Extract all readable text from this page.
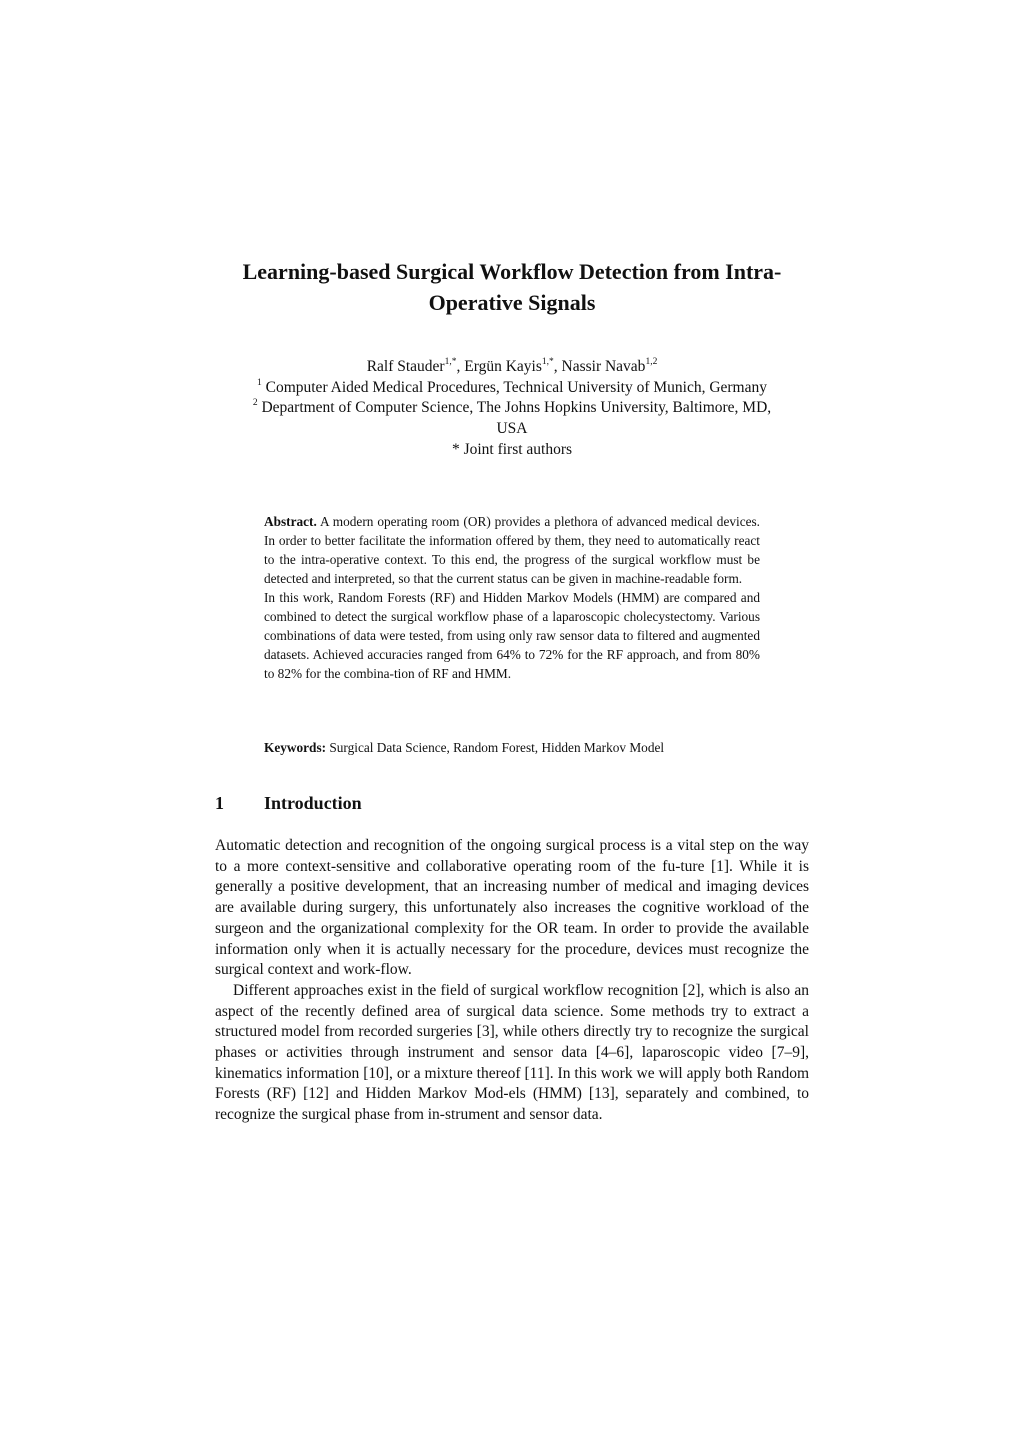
Learning-based Surgical Workflow Detection from Intra-
Operative Signals
Ralf Stauder$^{1,*}$, Ergün Kayis$^{1,*}$, Nassir Navab$^{1,2}$
$^1$ Computer Aided Medical Procedures, Technical University of Munich, Germany
$^2$ Department of Computer Science, The Johns Hopkins University, Baltimore, MD,
USA
* Joint first authors

Abstract. A modern operating room (OR) provides a plethora of advanced medical devices. In order to better facilitate the information offered by them, they need to automatically react to the intra-operative context. To this end, the progress of the surgical workflow must be detected and interpreted, so that the current status can be given in machine-readable form.

In this work, Random Forests (RF) and Hidden Markov Models (HMM) are compared and combined to detect the surgical workflow phase of a laparoscopic cholecystectomy. Various combinations of data were tested, from using only raw sensor data to filtered and augmented datasets. Achieved accuracies ranged from 64% to 72% for the RF approach, and from 80% to 82% for the combina-tion of RF and HMM.

Keywords: Surgical Data Science, Random Forest, Hidden Markov Model
1 Introduction

Automatic detection and recognition of the ongoing surgical process is a vital step on the way to a more context-sensitive and collaborative operating room of the fu-ture [1]. While it is generally a positive development, that an increasing number of medical and imaging devices are available during surgery, this unfortunately also increases the cognitive workload of the surgeon and the organizational complexity for the OR team. In order to provide the available information only when it is actually necessary for the procedure, devices must recognize the surgical context and work-flow.

Different approaches exist in the field of surgical workflow recognition [2], which is also an aspect of the recently defined area of surgical data science. Some methods try to extract a structured model from recorded surgeries [3], while others directly try to recognize the surgical phases or activities through instrument and sensor data [4–6], laparoscopic video [7–9], kinematics information [10], or a mixture thereof [11]. In this work we will apply both Random Forests (RF) [12] and Hidden Markov Mod-els (HMM) [13], separately and combined, to recognize the surgical phase from in-strument and sensor data.
